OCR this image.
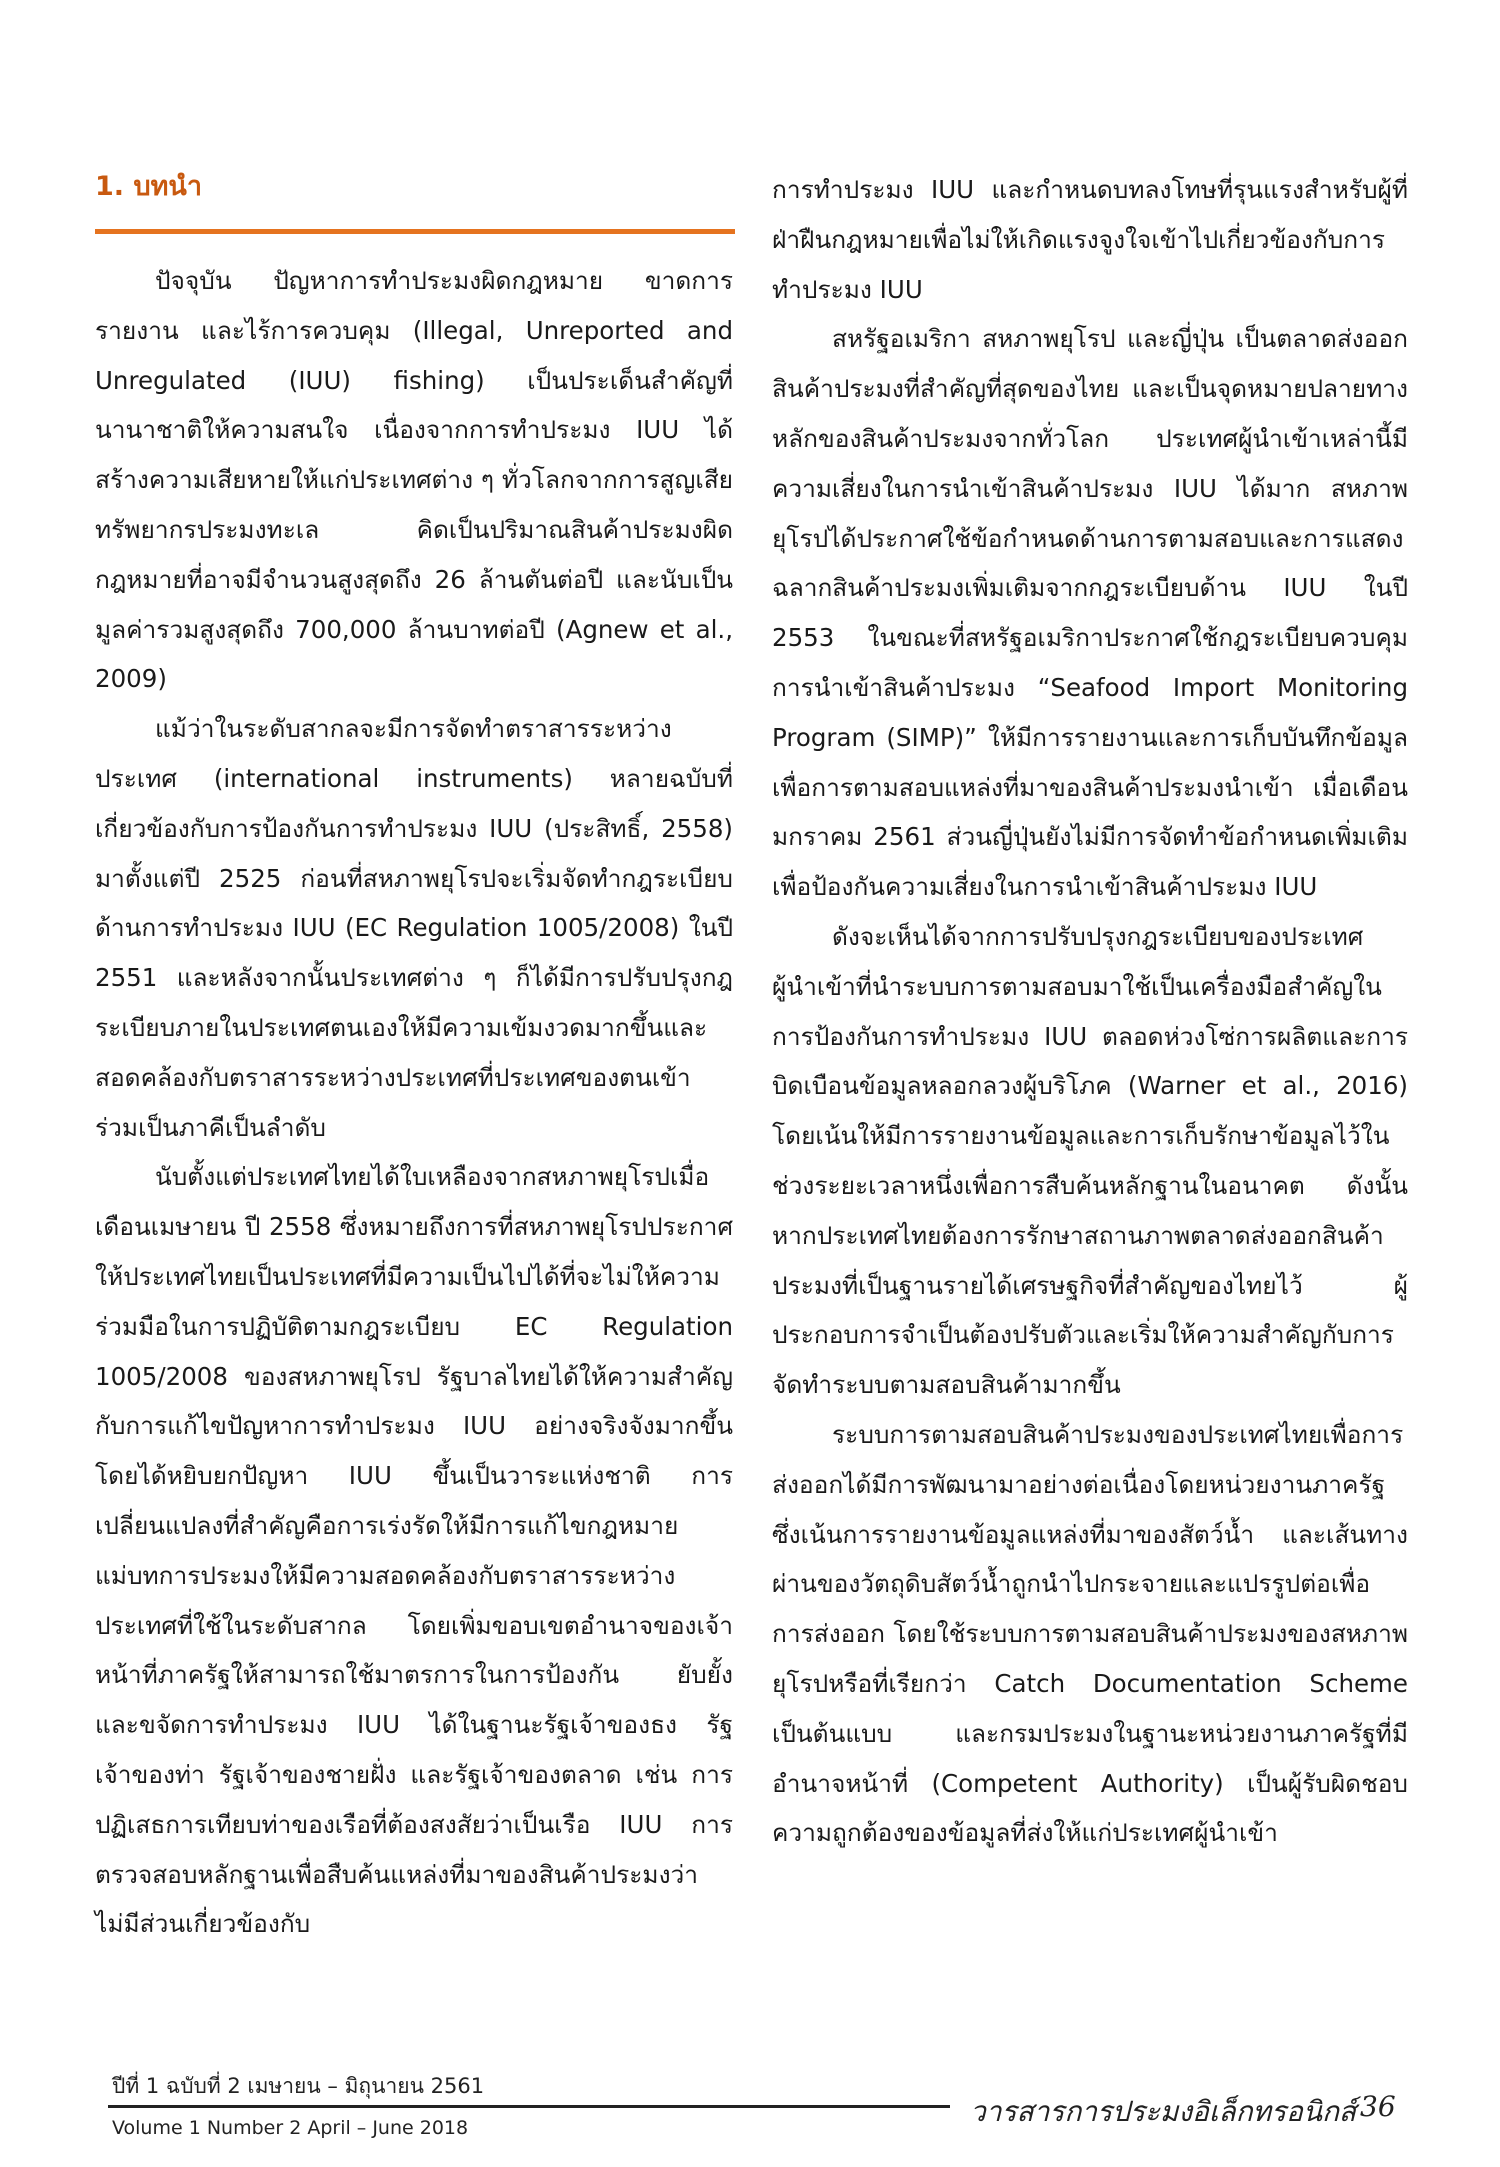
1. บทนำ

ปัจจุบัน ปัญหาการทำประมงผิดกฎหมาย ขาดการรายงาน และไร้การควบคุม (Illegal, Unreported and Unregulated (IUU) fishing) เป็นประเด็นสำคัญที่นานาชาติให้ความสนใจ เนื่องจากการทำประมง IUU ได้สร้างความเสียหายให้แก่ประเทศต่าง ๆ ทั่วโลกจากการสูญเสียทรัพยากรประมงทะเล คิดเป็นปริมาณสินค้าประมงผิดกฎหมายที่อาจมีจำนวนสูงสุดถึง 26 ล้านตันต่อปี และนับเป็นมูลค่ารวมสูงสุดถึง 700,000 ล้านบาทต่อปี (Agnew et al., 2009)

แม้ว่าในระดับสากลจะมีการจัดทำตราสารระหว่างประเทศ (international instruments) หลายฉบับที่เกี่ยวข้องกับการป้องกันการทำประมง IUU (ประสิทธิ์, 2558) มาตั้งแต่ปี 2525 ก่อนที่สหภาพยุโรปจะเริ่มจัดทำกฎระเบียบด้านการทำประมง IUU (EC Regulation 1005/2008) ในปี 2551 และหลังจากนั้นประเทศต่าง ๆ ก็ได้มีการปรับปรุงกฎระเบียบภายในประเทศตนเองให้มีความเข้มงวดมากขึ้นและสอดคล้องกับตราสารระหว่างประเทศที่ประเทศของตนเข้าร่วมเป็นภาคีเป็นลำดับ

นับตั้งแต่ประเทศไทยได้ใบเหลืองจากสหภาพยุโรปเมื่อเดือนเมษายน ปี 2558 ซึ่งหมายถึงการที่สหภาพยุโรปประกาศให้ประเทศไทยเป็นประเทศที่มีความเป็นไปได้ที่จะไม่ให้ความร่วมมือในการปฏิบัติตามกฎระเบียบ EC Regulation 1005/2008 ของสหภาพยุโรป รัฐบาลไทยได้ให้ความสำคัญกับการแก้ไขปัญหาการทำประมง IUU อย่างจริงจังมากขึ้น โดยได้หยิบยกปัญหา IUU ขึ้นเป็นวาระแห่งชาติ การเปลี่ยนแปลงที่สำคัญคือการเร่งรัดให้มีการแก้ไขกฎหมายแม่บทการประมงให้มีความสอดคล้องกับตราสารระหว่างประเทศที่ใช้ในระดับสากล โดยเพิ่มขอบเขตอำนาจของเจ้าหน้าที่ภาครัฐให้สามารถใช้มาตรการในการป้องกัน ยับยั้ง และขจัดการทำประมง IUU ได้ในฐานะรัฐเจ้าของธง รัฐเจ้าของท่า รัฐเจ้าของชายฝั่ง และรัฐเจ้าของตลาด เช่น การปฏิเสธการเทียบท่าของเรือที่ต้องสงสัยว่าเป็นเรือ IUU การตรวจสอบหลักฐานเพื่อสืบค้นแหล่งที่มาของสินค้าประมงว่าไม่มีส่วนเกี่ยวข้องกับ

การทำประมง IUU และกำหนดบทลงโทษที่รุนแรงสำหรับผู้ที่ฝ่าฝืนกฎหมายเพื่อไม่ให้เกิดแรงจูงใจเข้าไปเกี่ยวข้องกับการทำประมง IUU

สหรัฐอเมริกา สหภาพยุโรป และญี่ปุ่น เป็นตลาดส่งออกสินค้าประมงที่สำคัญที่สุดของไทย และเป็นจุดหมายปลายทางหลักของสินค้าประมงจากทั่วโลก ประเทศผู้นำเข้าเหล่านี้มีความเสี่ยงในการนำเข้าสินค้าประมง IUU ได้มาก สหภาพยุโรปได้ประกาศใช้ข้อกำหนดด้านการตามสอบและการแสดงฉลากสินค้าประมงเพิ่มเติมจากกฎระเบียบด้าน IUU ในปี 2553 ในขณะที่สหรัฐอเมริกาประกาศใช้กฎระเบียบควบคุมการนำเข้าสินค้าประมง “Seafood Import Monitoring Program (SIMP)” ให้มีการรายงานและการเก็บบันทึกข้อมูลเพื่อการตามสอบแหล่งที่มาของสินค้าประมงนำเข้า เมื่อเดือนมกราคม 2561 ส่วนญี่ปุ่นยังไม่มีการจัดทำข้อกำหนดเพิ่มเติมเพื่อป้องกันความเสี่ยงในการนำเข้าสินค้าประมง IUU

ดังจะเห็นได้จากการปรับปรุงกฎระเบียบของประเทศผู้นำเข้าที่นำระบบการตามสอบมาใช้เป็นเครื่องมือสำคัญในการป้องกันการทำประมง IUU ตลอดห่วงโซ่การผลิตและการบิดเบือนข้อมูลหลอกลวงผู้บริโภค (Warner et al., 2016) โดยเน้นให้มีการรายงานข้อมูลและการเก็บรักษาข้อมูลไว้ในช่วงระยะเวลาหนึ่งเพื่อการสืบค้นหลักฐานในอนาคต ดังนั้น หากประเทศไทยต้องการรักษาสถานภาพตลาดส่งออกสินค้าประมงที่เป็นฐานรายได้เศรษฐกิจที่สำคัญของไทยไว้ ผู้ประกอบการจำเป็นต้องปรับตัวและเริ่มให้ความสำคัญกับการจัดทำระบบตามสอบสินค้ามากขึ้น

ระบบการตามสอบสินค้าประมงของประเทศไทยเพื่อการส่งออกได้มีการพัฒนามาอย่างต่อเนื่องโดยหน่วยงานภาครัฐ ซึ่งเน้นการรายงานข้อมูลแหล่งที่มาของสัตว์น้ำ และเส้นทางผ่านของวัตถุดิบสัตว์น้ำถูกนำไปกระจายและแปรรูปต่อเพื่อการส่งออก โดยใช้ระบบการตามสอบสินค้าประมงของสหภาพยุโรปหรือที่เรียกว่า Catch Documentation Scheme เป็นต้นแบบ และกรมประมงในฐานะหน่วยงานภาครัฐที่มีอำนาจหน้าที่ (Competent Authority) เป็นผู้รับผิดชอบความถูกต้องของข้อมูลที่ส่งให้แก่ประเทศผู้นำเข้า

ปีที่ 1 ฉบับที่ 2 เมษายน – มิถุนายน 2561
Volume 1 Number 2 April – June 2018	วารสารการประมงอิเล็กทรอนิกส์ 36
